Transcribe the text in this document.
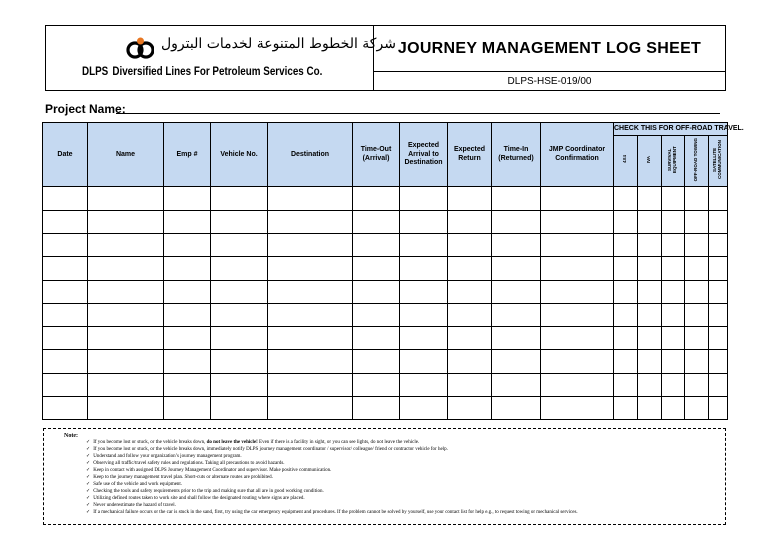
شركة الخطوط المتنوعة لخدمات البترول
DLPS Diversified Lines For Petroleum Services Co.
JOURNEY MANAGEMENT LOG SHEET
DLPS-HSE-019/00
Project Name:
Date	Name	Emp #	Vehicle No.	Destination	Time-Out (Arrival)	Expected Arrival to Destination	Expected Return	Time-In (Returned)	JMP Coordinator Confirmation	CHECK THIS FOR OFF-ROAD TRAVEL.				
										4X4	IVA	SURVIVAL EQUIPMENT	OFF-ROAD TOWING	SATELLITE COMMUNICATION

Note:
✓ If you become lost or stuck, or the vehicle breaks down, do not leave the vehicle! Even if there is a facility in sight, or you can see lights, do not leave the vehicle.
✓ If you become lost or stuck, or the vehicle breaks down, immediately notify DLPS journey management coordinator / supervisor/ colleague/ friend or contractor vehicle for help.
✓ Understand and follow your organization’s journey management program.
✓ Observing all traffic/travel safety rules and regulations. Taking all precautions to avoid hazards.
✓ Keep in contact with assigned DLPS Journey Management Coordinator and supervisor. Make positive communication.
✓ Keep to the journey management travel plan. Short-cuts or alternate routes are prohibited.
✓ Safe use of the vehicle and work equipment.
✓ Checking the tools and safety requirements prior to the trip and making sure that all are in good working condition.
✓ Utilizing defined routes taken to work site and shall follow the designated routing where signs are placed.
✓ Never underestimate the hazard of travel.
✓ If a mechanical failure occurs or the car is stuck in the sand, first, try using the car emergency equipment and procedures. If the problem cannot be solved by yourself, use your contact list for help e.g., to request towing or mechanical services.
